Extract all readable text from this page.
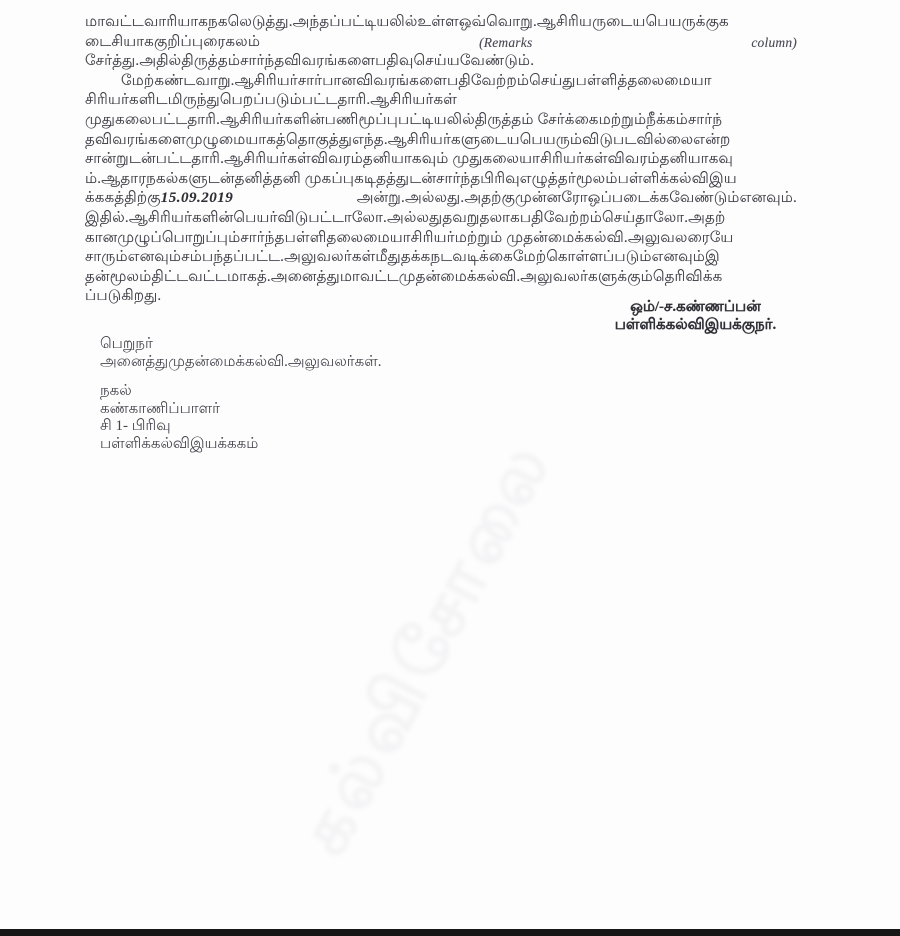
கல்விசோலை
மாவட்டவாரியாகநகலெடுத்து.அந்தப்பட்டியலில்உள்ளஒவ்வொறு.ஆசிரியருடையபெயருக்குக
டைசியாககுறிப்புரைகலம்	(Remarks	column)
சேர்த்து.அதில்திருத்தம்சார்ந்தவிவரங்களைபதிவுசெய்யவேண்டும்.
மேற்கண்டவாறு.ஆசிரியர்சார்பானவிவரங்களைபதிவேற்றம்செய்துபள்ளித்தலைமையா
சிரியர்களிடமிருந்துபெறப்படும்பட்டதாரி.ஆசிரியர்கள்
முதுகலைபட்டதாரி.ஆசிரியர்களின்பணிமூப்புபட்டியலில்திருத்தம் சேர்க்கைமற்றும்நீக்கம்சார்ந்
தவிவரங்களைமுழுமையாகத்தொகுத்துஎந்த.ஆசிரியர்களுடையபெயரும்விடுபடவில்லைஎன்ற
சான்றுடன்பட்டதாரி.ஆசிரியர்கள்விவரம்தனியாகவும் முதுகலையாசிரியர்கள்விவரம்தனியாகவு
ம்.ஆதாரநகல்களுடன்தனித்தனி முகப்புகடிதத்துடன்சார்ந்தபிரிவுஎழுத்தர்மூலம்பள்ளிக்கல்விஇய
க்ககத்திற்கு15.09.2019	அன்று.அல்லது.அதற்குமுன்னரோஒப்படைக்கவேண்டும்எனவும்.
இதில்.ஆசிரியர்களின்பெயர்விடுபட்டாலோ.அல்லதுதவறுதலாகபதிவேற்றம்செய்தாலோ.அதற்
கானமுழுப்பொறுப்பும்சார்ந்தபள்ளிதலைமையாசிரியர்மற்றும் முதன்மைக்கல்வி.அலுவலரையே
சாரும்எனவும்சம்பந்தப்பட்ட.அலுவலர்கள்மீதுதக்கநடவடிக்கைமேற்கொள்ளப்படும்எனவும்இ
தன்மூலம்திட்டவட்டமாகத்.அனைத்துமாவட்டமுதன்மைக்கல்வி.அலுவலர்களுக்கும்தெரிவிக்க
ப்படுகிறது.
ஒம்/-ச.கண்ணப்பன்
பள்ளிக்கல்விஇயக்குநர்.
பெறுநர்
அனைத்துமுதன்மைக்கல்வி.அலுவலர்கள்.
நகல்
கண்காணிப்பாளர்
சி 1- பிரிவு
பள்ளிக்கல்விஇயக்ககம்
